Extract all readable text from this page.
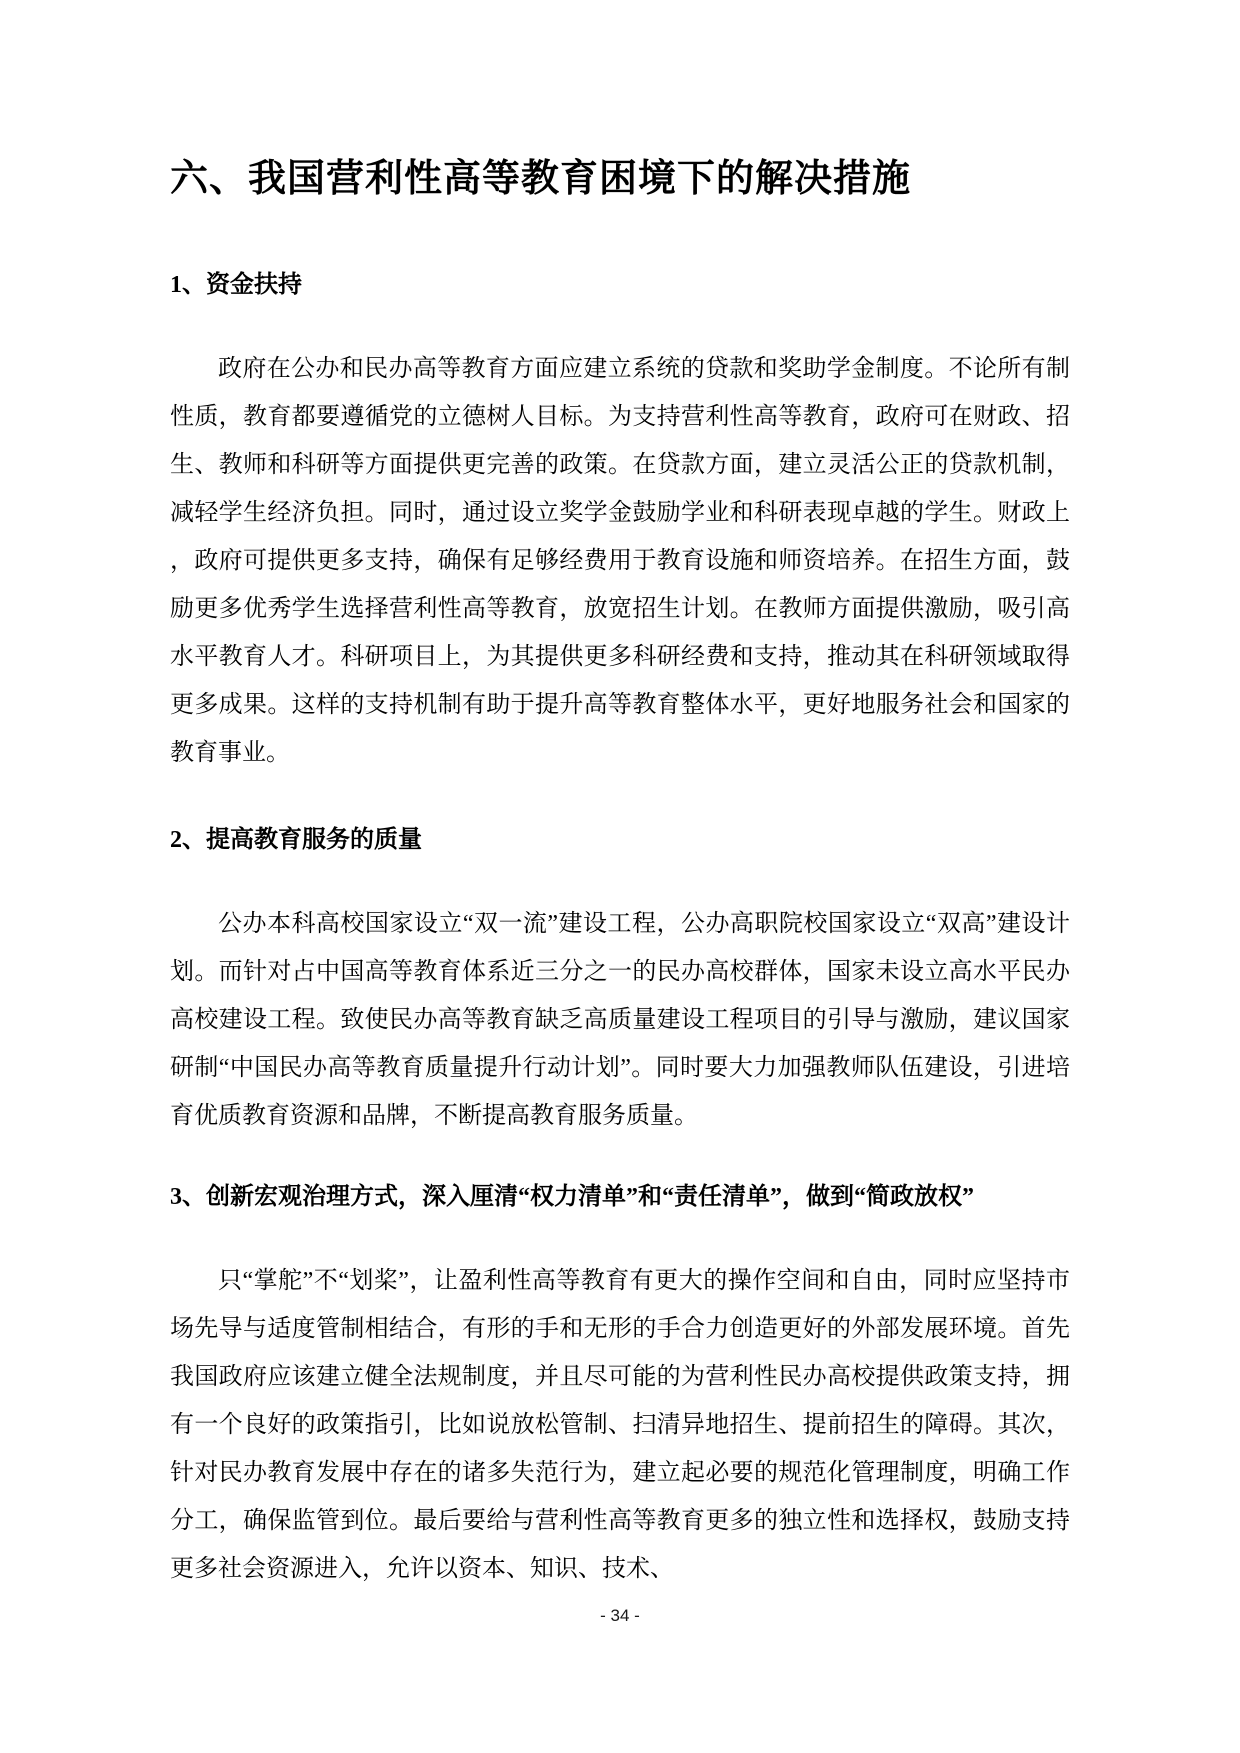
六、我国营利性高等教育困境下的解决措施
1、资金扶持

政府在公办和民办高等教育方面应建立系统的贷款和奖助学金制度。不论所有制性质，教育都要遵循党的立德树人目标。为支持营利性高等教育，政府可在财政、招生、教师和科研等方面提供更完善的政策。在贷款方面，建立灵活公正的贷款机制，减轻学生经济负担。同时，通过设立奖学金鼓励学业和科研表现卓越的学生。财政上，政府可提供更多支持，确保有足够经费用于教育设施和师资培养。在招生方面，鼓励更多优秀学生选择营利性高等教育，放宽招生计划。在教师方面提供激励，吸引高水平教育人才。科研项目上，为其提供更多科研经费和支持，推动其在科研领域取得更多成果。这样的支持机制有助于提升高等教育整体水平，更好地服务社会和国家的教育事业。

2、提高教育服务的质量

公办本科高校国家设立“双一流”建设工程，公办高职院校国家设立“双高”建设计划。而针对占中国高等教育体系近三分之一的民办高校群体，国家未设立高水平民办高校建设工程。致使民办高等教育缺乏高质量建设工程项目的引导与激励，建议国家研制“中国民办高等教育质量提升行动计划”。同时要大力加强教师队伍建设，引进培育优质教育资源和品牌，不断提高教育服务质量。

3、创新宏观治理方式，深入厘清“权力清单”和“责任清单”，做到“简政放权”

只“掌舵”不“划桨”，让盈利性高等教育有更大的操作空间和自由，同时应坚持市场先导与适度管制相结合，有形的手和无形的手合力创造更好的外部发展环境。首先我国政府应该建立健全法规制度，并且尽可能的为营利性民办高校提供政策支持，拥有一个良好的政策指引，比如说放松管制、扫清异地招生、提前招生的障碍。其次，针对民办教育发展中存在的诸多失范行为，建立起必要的规范化管理制度，明确工作分工，确保监管到位。最后要给与营利性高等教育更多的独立性和选择权，鼓励支持更多社会资源进入，允许以资本、知识、技术、

- 34 -
